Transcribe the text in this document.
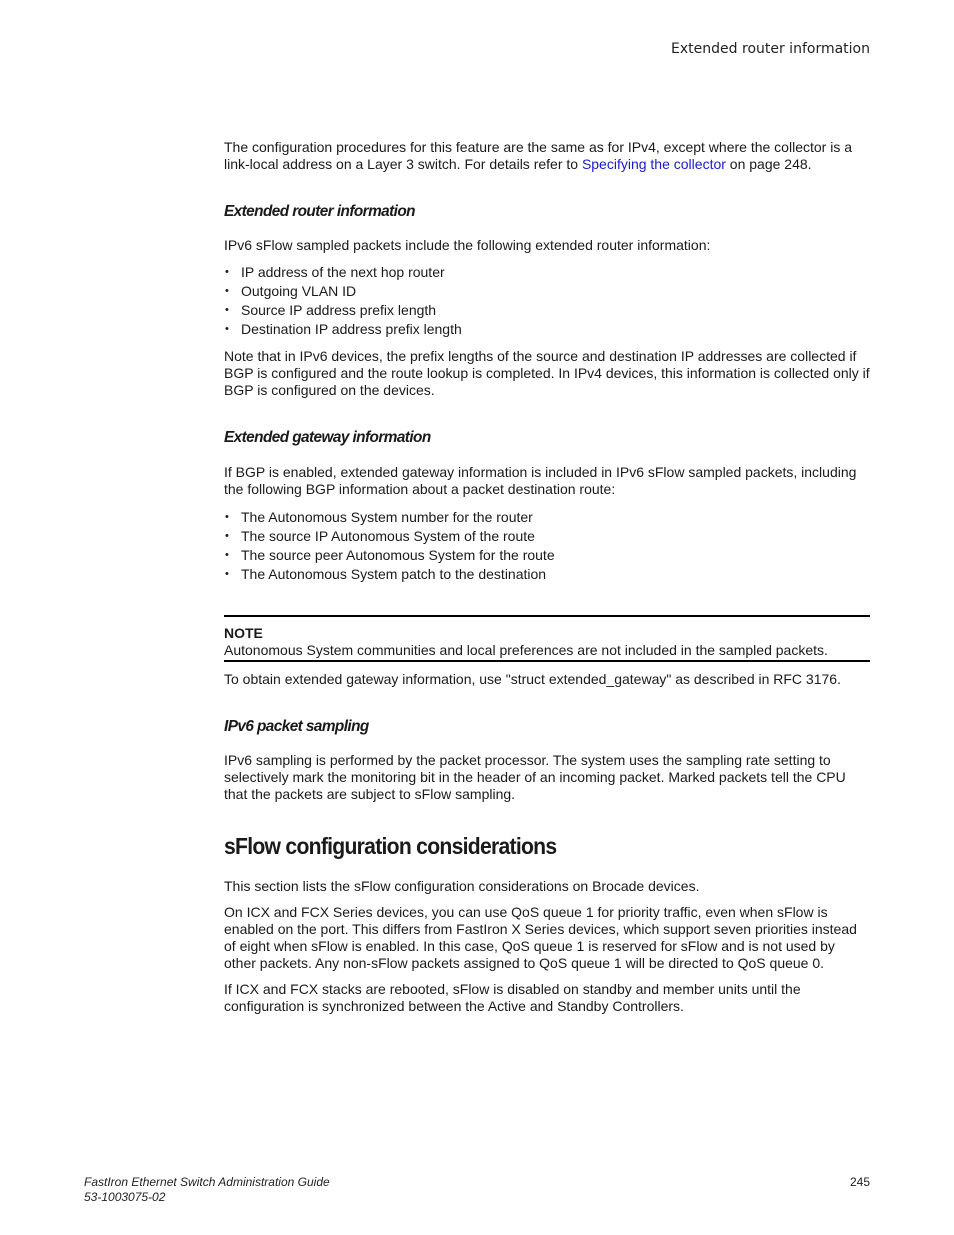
Extended router information

The configuration procedures for this feature are the same as for IPv4, except where the collector is a link-local address on a Layer 3 switch. For details refer to Specifying the collector on page 248.

Extended router information

IPv6 sFlow sampled packets include the following extended router information:

• IP address of the next hop router
• Outgoing VLAN ID
• Source IP address prefix length
• Destination IP address prefix length

Note that in IPv6 devices, the prefix lengths of the source and destination IP addresses are collected if BGP is configured and the route lookup is completed. In IPv4 devices, this information is collected only if BGP is configured on the devices.

Extended gateway information

If BGP is enabled, extended gateway information is included in IPv6 sFlow sampled packets, including the following BGP information about a packet destination route:

• The Autonomous System number for the router
• The source IP Autonomous System of the route
• The source peer Autonomous System for the route
• The Autonomous System patch to the destination
NOTE

Autonomous System communities and local preferences are not included in the sampled packets.

To obtain extended gateway information, use "struct extended_gateway" as described in RFC 3176.

IPv6 packet sampling

IPv6 sampling is performed by the packet processor. The system uses the sampling rate setting to selectively mark the monitoring bit in the header of an incoming packet. Marked packets tell the CPU that the packets are subject to sFlow sampling.

sFlow configuration considerations

This section lists the sFlow configuration considerations on Brocade devices.

On ICX and FCX Series devices, you can use QoS queue 1 for priority traffic, even when sFlow is enabled on the port. This differs from FastIron X Series devices, which support seven priorities instead of eight when sFlow is enabled. In this case, QoS queue 1 is reserved for sFlow and is not used by other packets. Any non-sFlow packets assigned to QoS queue 1 will be directed to QoS queue 0.

If ICX and FCX stacks are rebooted, sFlow is disabled on standby and member units until the configuration is synchronized between the Active and Standby Controllers.

FastIron Ethernet Switch Administration Guide
53-1003075-02
245
